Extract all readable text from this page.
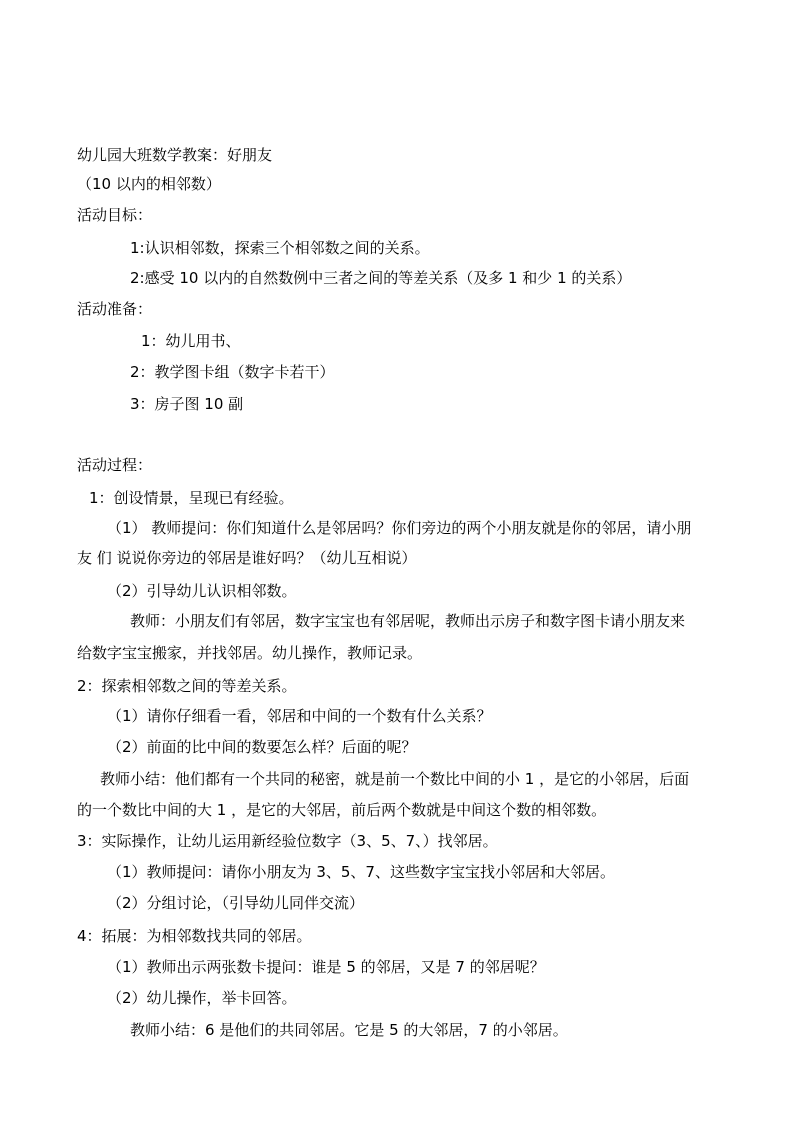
幼儿园大班数学教案：好朋友
（10 以内的相邻数）
活动目标：
1:认识相邻数，探索三个相邻数之间的关系。
2:感受 10 以内的自然数例中三者之间的等差关系（及多 1 和少 1 的关系）
活动准备：
1：幼儿用书、
2：教学图卡组（数字卡若干）
3：房子图 10 副
活动过程：
1：创设情景，呈现已有经验。
（1） 教师提问：你们知道什么是邻居吗？你们旁边的两个小朋友就是你的邻居，请小朋
友 们 说说你旁边的邻居是谁好吗？（幼儿互相说）
（2）引导幼儿认识相邻数。
教师：小朋友们有邻居，数字宝宝也有邻居呢，教师出示房子和数字图卡请小朋友来
给数字宝宝搬家，并找邻居。幼儿操作，教师记录。
2：探索相邻数之间的等差关系。
（1）请你仔细看一看，邻居和中间的一个数有什么关系？
（2）前面的比中间的数要怎么样？后面的呢？
教师小结：他们都有一个共同的秘密，就是前一个数比中间的小 1 ，是它的小邻居，后面
的一个数比中间的大 1 ，是它的大邻居，前后两个数就是中间这个数的相邻数。
3：实际操作，让幼儿运用新经验位数字（3、5、7、）找邻居。
（1）教师提问：请你小朋友为 3、5、7、这些数字宝宝找小邻居和大邻居。
（2）分组讨论，（引导幼儿同伴交流）
4：拓展：为相邻数找共同的邻居。
（1）教师出示两张数卡提问：谁是 5 的邻居，又是 7 的邻居呢？
（2）幼儿操作，举卡回答。
教师小结：6 是他们的共同邻居。它是 5 的大邻居，7 的小邻居。
